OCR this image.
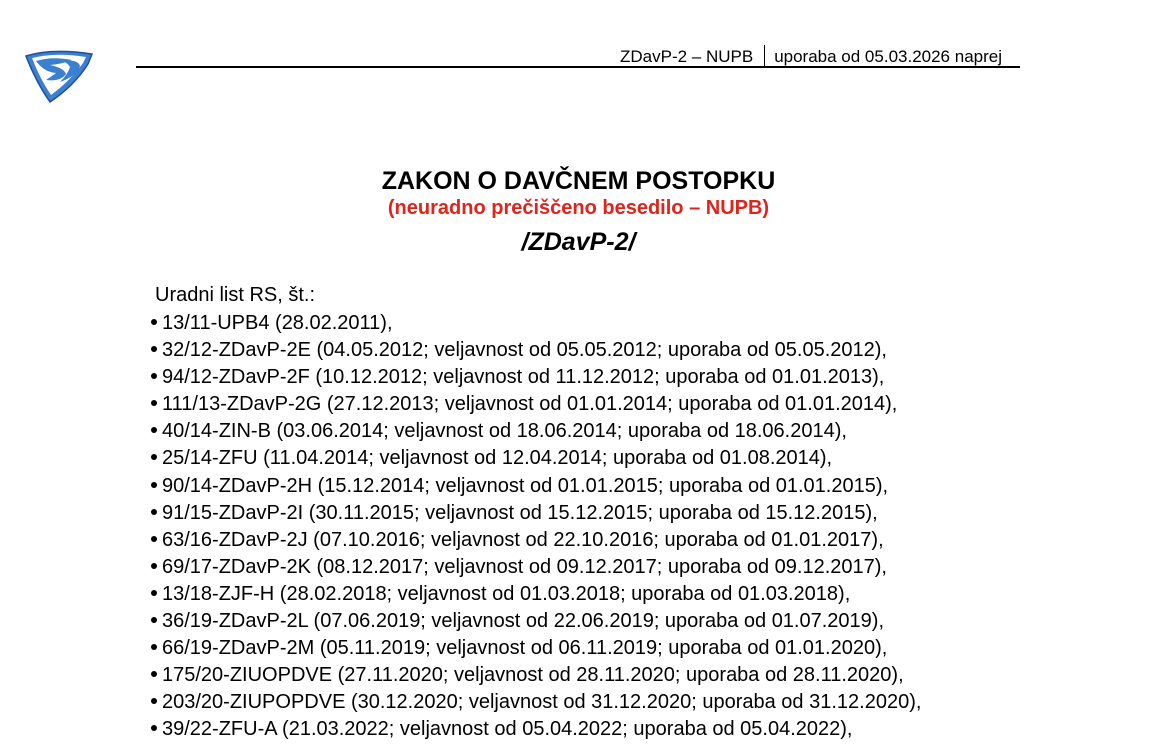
ZDavP-2 – NUPB uporaba od 05.03.2026 naprej
ZAKON O DAVČNEM POSTOPKU
(neuradno prečiščeno besedilo – NUPB)
/ZDavP-2/
Uradni list RS, št.:
13/11-UPB4 (28.02.2011),
32/12-ZDavP-2E (04.05.2012; veljavnost od 05.05.2012; uporaba od 05.05.2012),
94/12-ZDavP-2F (10.12.2012; veljavnost od 11.12.2012; uporaba od 01.01.2013),
111/13-ZDavP-2G (27.12.2013; veljavnost od 01.01.2014; uporaba od 01.01.2014),
40/14-ZIN-B (03.06.2014; veljavnost od 18.06.2014; uporaba od 18.06.2014),
25/14-ZFU (11.04.2014; veljavnost od 12.04.2014; uporaba od 01.08.2014),
90/14-ZDavP-2H (15.12.2014; veljavnost od 01.01.2015; uporaba od 01.01.2015),
91/15-ZDavP-2I (30.11.2015; veljavnost od 15.12.2015; uporaba od 15.12.2015),
63/16-ZDavP-2J (07.10.2016; veljavnost od 22.10.2016; uporaba od 01.01.2017),
69/17-ZDavP-2K (08.12.2017; veljavnost od 09.12.2017; uporaba od 09.12.2017),
13/18-ZJF-H (28.02.2018; veljavnost od 01.03.2018; uporaba od 01.03.2018),
36/19-ZDavP-2L (07.06.2019; veljavnost od 22.06.2019; uporaba od 01.07.2019),
66/19-ZDavP-2M (05.11.2019; veljavnost od 06.11.2019; uporaba od 01.01.2020),
175/20-ZIUOPDVE (27.11.2020; veljavnost od 28.11.2020; uporaba od 28.11.2020),
203/20-ZIUPOPDVE (30.12.2020; veljavnost od 31.12.2020; uporaba od 31.12.2020),
39/22-ZFU-A (21.03.2022; veljavnost od 05.04.2022; uporaba od 05.04.2022),
